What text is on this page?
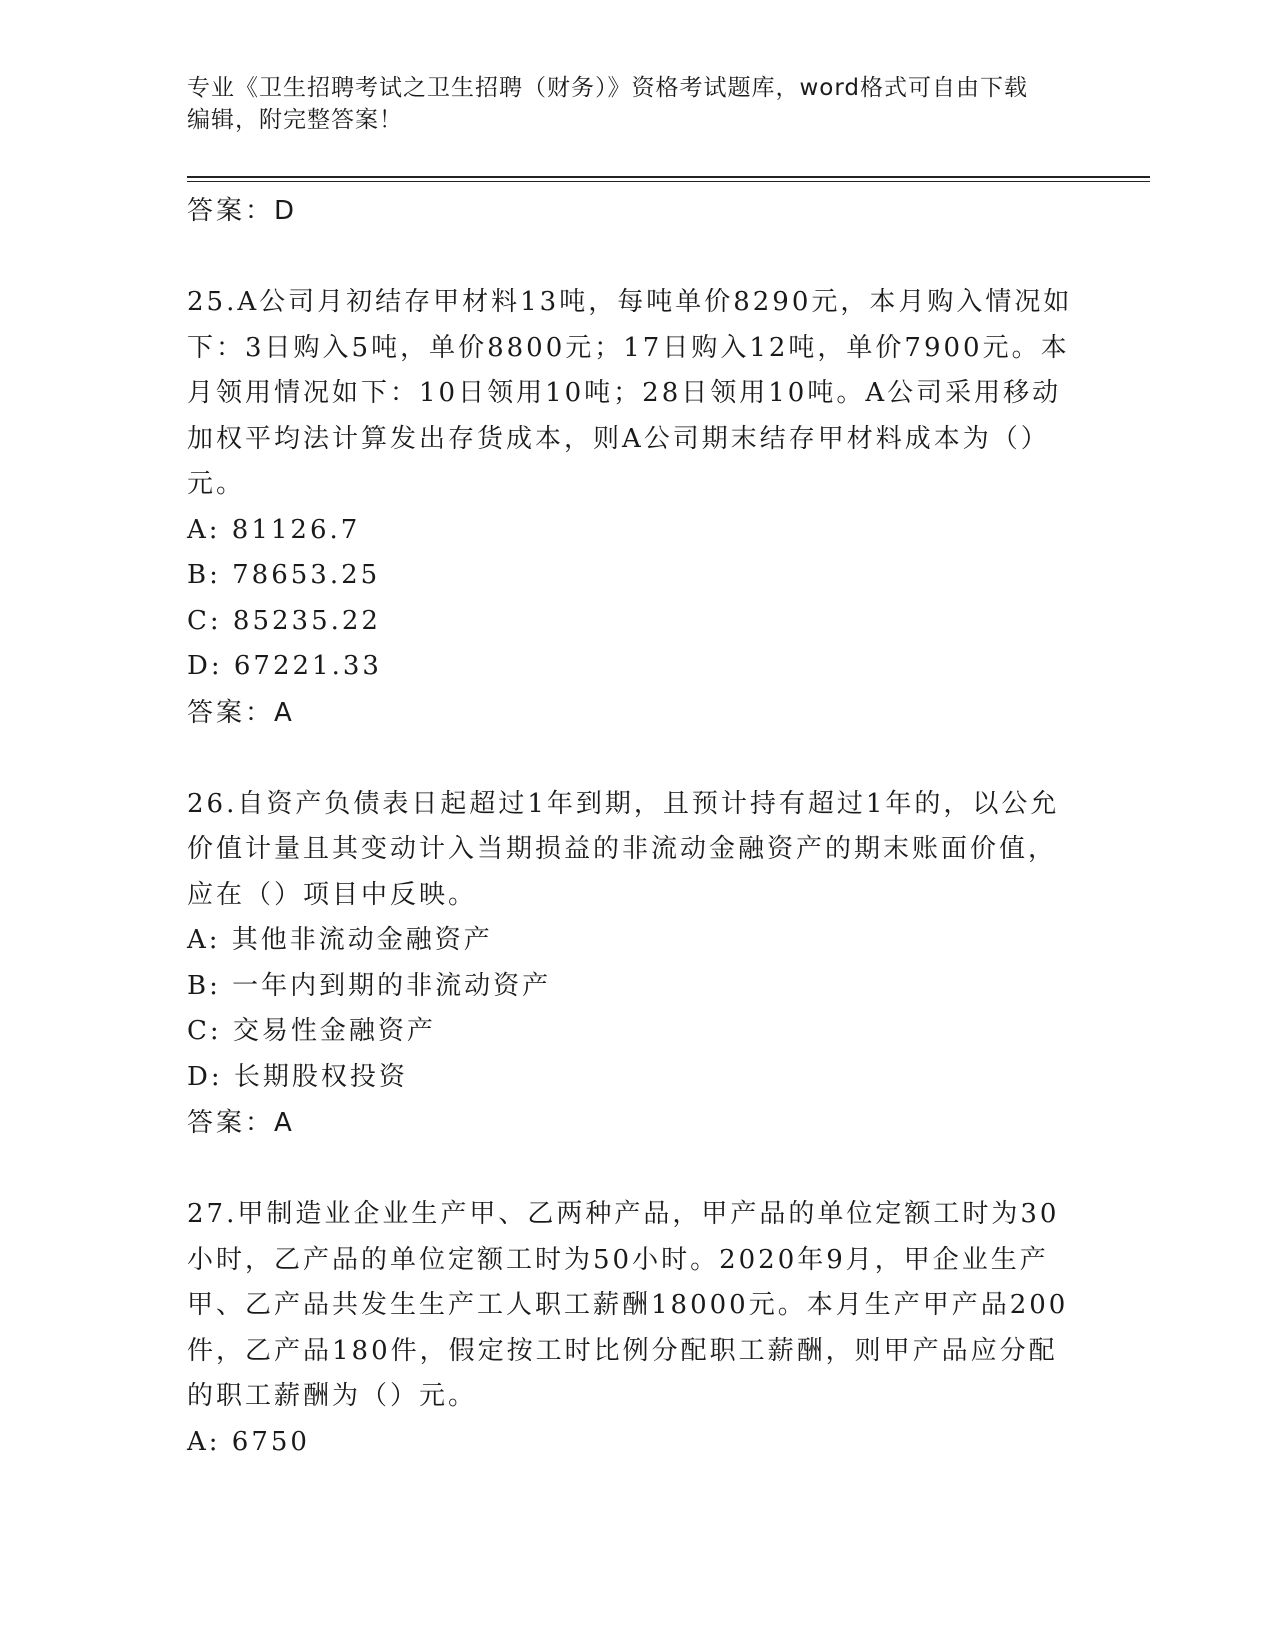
专业《卫生招聘考试之卫生招聘（财务）》资格考试题库，word格式可自由下载
编辑，附完整答案！
答案：D
25.A公司月初结存甲材料13吨，每吨单价8290元，本月购入情况如下：3日购入5吨，单价8800元；17日购入12吨，单价7900元。本月领用情况如下：10日领用10吨；28日领用10吨。A公司采用移动加权平均法计算发出存货成本，则A公司期末结存甲材料成本为（）元。
A: 81126.7
B: 78653.25
C: 85235.22
D: 67221.33
答案：A
26.自资产负债表日起超过1年到期，且预计持有超过1年的，以公允价值计量且其变动计入当期损益的非流动金融资产的期末账面价值，应在（）项目中反映。
A: 其他非流动金融资产
B: 一年内到期的非流动资产
C: 交易性金融资产
D: 长期股权投资
答案：A
27.甲制造业企业生产甲、乙两种产品，甲产品的单位定额工时为30小时，乙产品的单位定额工时为50小时。2020年9月，甲企业生产甲、乙产品共发生生产工人职工薪酬18000元。本月生产甲产品200件，乙产品180件，假定按工时比例分配职工薪酬，则甲产品应分配的职工薪酬为（）元。
A: 6750
